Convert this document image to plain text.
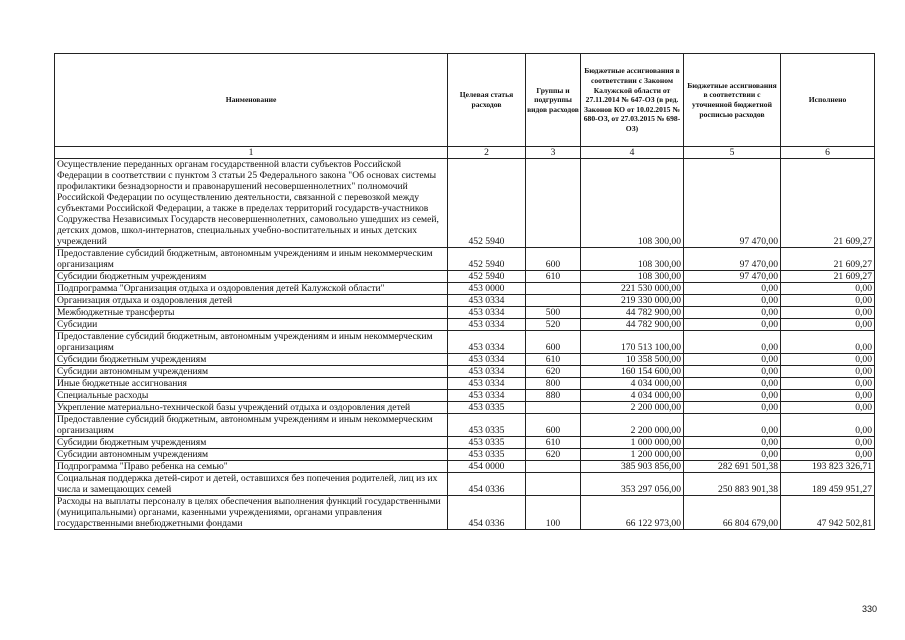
Наименование	Целевая статья расходов	Группы и подгруппы видов расходов	Бюджетные ассигнования в соответствии с Законом Калужской области от 27.11.2014 № 647-ОЗ (в ред. Законов КО от 10.02.2015 № 680-ОЗ, от 27.03.2015 № 698-ОЗ)	Бюджетные ассигнования в соответствии с уточненной бюджетной росписью расходов	Исполнено
1	2	3	4	5	6
Осуществление переданных органам государственной власти субъектов Российской Федерации в соответствии с пунктом 3 статьи 25 Федерального закона "Об основах системы профилактики безнадзорности и правонарушений несовершеннолетних" полномочий Российской Федерации по осуществлению деятельности, связанной с перевозкой между субъектами Российской Федерации, а также в пределах территорий государств-участников Содружества Независимых Государств несовершеннолетних, самовольно ушедших из семей, детских домов, школ-интернатов, специальных учебно-воспитательных и иных детских учреждений	452 5940		108 300,00	97 470,00	21 609,27
Предоставление субсидий бюджетным, автономным учреждениям и иным некоммерческим организациям	452 5940	600	108 300,00	97 470,00	21 609,27
Субсидии бюджетным учреждениям	452 5940	610	108 300,00	97 470,00	21 609,27
Подпрограмма "Организация отдыха и оздоровления детей Калужской области"	453 0000		221 530 000,00	0,00	0,00
Организация отдыха и оздоровления детей	453 0334		219 330 000,00	0,00	0,00
Межбюджетные трансферты	453 0334	500	44 782 900,00	0,00	0,00
Субсидии	453 0334	520	44 782 900,00	0,00	0,00
Предоставление субсидий бюджетным, автономным учреждениям и иным некоммерческим организациям	453 0334	600	170 513 100,00	0,00	0,00
Субсидии бюджетным учреждениям	453 0334	610	10 358 500,00	0,00	0,00
Субсидии автономным учреждениям	453 0334	620	160 154 600,00	0,00	0,00
Иные бюджетные ассигнования	453 0334	800	4 034 000,00	0,00	0,00
Специальные расходы	453 0334	880	4 034 000,00	0,00	0,00
Укрепление материально-технической базы учреждений отдыха и оздоровления детей	453 0335		2 200 000,00	0,00	0,00
Предоставление субсидий бюджетным, автономным учреждениям и иным некоммерческим организациям	453 0335	600	2 200 000,00	0,00	0,00
Субсидии бюджетным учреждениям	453 0335	610	1 000 000,00	0,00	0,00
Субсидии автономным учреждениям	453 0335	620	1 200 000,00	0,00	0,00
Подпрограмма "Право ребенка на семью"	454 0000		385 903 856,00	282 691 501,38	193 823 326,71
Социальная поддержка детей-сирот и детей, оставшихся без попечения родителей, лиц из их числа и замещающих семей	454 0336		353 297 056,00	250 883 901,38	189 459 951,27
Расходы на выплаты персоналу в целях обеспечения выполнения функций государственными (муниципальными) органами, казенными учреждениями, органами управления государственными внебюджетными фондами	454 0336	100	66 122 973,00	66 804 679,00	47 942 502,81
330
